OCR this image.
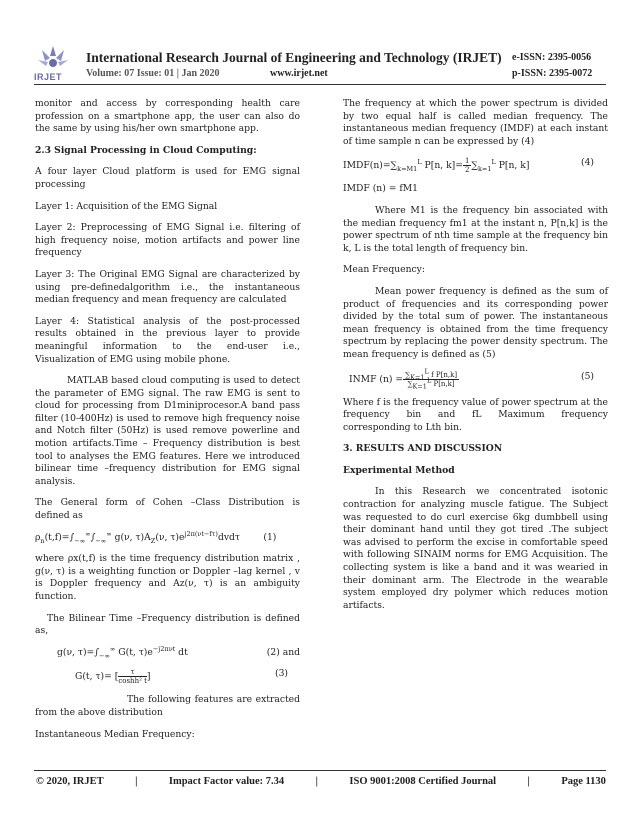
IRJET
International Research Journal of Engineering and Technology (IRJET) e-ISSN: 2395-0056
Volume: 07 Issue: 01 | Jan 2020	www.irjet.net	p-ISSN: 2395-0072

monitor and access by corresponding health care profession on a smartphone app, the user can also do the same by using his/her own smartphone app.

2.3 Signal Processing in Cloud Computing:

A four layer Cloud platform is used for EMG signal processing

Layer 1: Acquisition of the EMG Signal

Layer 2: Preprocessing of EMG Signal i.e. filtering of high frequency noise, motion artifacts and power line frequency

Layer 3: The Original EMG Signal are characterized by using pre-definedalgorithm i.e., the instantaneous median frequency and mean frequency are calculated

Layer 4: Statistical analysis of the post-processed results obtained in the previous layer to provide meaningful information to the end-user i.e., Visualization of EMG using mobile phone.

MATLAB based cloud computing is used to detect the parameter of EMG signal. The raw EMG is sent to cloud for processing from D1miniprocesor.A band pass filter (10-400Hz) is used to remove high frequency noise and Notch filter (50Hz) is used remove powerline and motion artifacts.Time – Frequency distribution is best tool to analyses the EMG features. Here we introduced bilinear time –frequency distribution for EMG signal analysis.

The General form of Cohen –Class Distribution is defined as

$\rho_n(t,f)=\int_{-\infty}^\infty\int_{-\infty}^\infty$ g(ν, $\tau)A_Z(\nu$, $\tau)e^{j2\pi(\nu t-f\tau)}dvd\tau$        (1)

where ρx(t,f) is the time frequency distribution matrix , g(ν, τ) is a weighting function or Doppler –lag kernel , v is Doppler frequency and Az(ν, τ) is an ambiguity function.

The Bilinear Time –Frequency distribution is defined as,

g(ν, $\tau)=\int_{-\infty}^\infty$ G(t, $\tau)e^{-j2\pi\nu t}$ dt	(2) and

G(t, τ)= [ $\frac{\tau}{\text{coshh² t}}$ ]	(3)

The following features are extracted from the above distribution

Instantaneous Median Frequency:

The frequency at which the power spectrum is divided by two equal half is called median frequency. The instantaneous median frequency (IMDF) at each instant of time sample n can be expressed by (4)

$IMDF(n)=\sum_{k=M1}^L$ P[n, $k]= \frac{1}{2} \sum_{k=1}^L$ P[n, k]	(4)

IMDF (n) = fM1

Where M1 is the frequency bin associated with the median frequency fm1 at the instant n, P[n,k] is the power spectrum of nth time sample at the frequency bin k, L is the total length of frequency bin.

Mean Frequency:

Mean power frequency is defined as the sum of product of frequencies and its corresponding power divided by the total sum of power. The instantaneous mean frequency is obtained from the time frequency spectrum by replacing the power density spectrum. The mean frequency is defined as (5)

INMF $(n) = \frac{\sum_{K=1}^L f P[n,k]}{\sum_{K=1}^L P[n,k]}$	(5)

Where f is the frequency value of power spectrum at the frequency bin and fL Maximum frequency corresponding to Lth bin.

3. RESULTS AND DISCUSSION

Experimental Method

In this Research we concentrated isotonic contraction for analyzing muscle fatigue. The Subject was requested to do curl exercise 6kg dumbbell using their dominant hand until they got tired .The subject was advised to perform the excise in comfortable speed with following SINAIM norms for EMG Acquisition. The collecting system is like a band and it was wearied in their dominant arm. The Electrode in the wearable system employed dry polymer which reduces motion artifacts.

© 2020, IRJET	|	Impact Factor value: 7.34	|	ISO 9001:2008 Certified Journal	|	Page 1130
